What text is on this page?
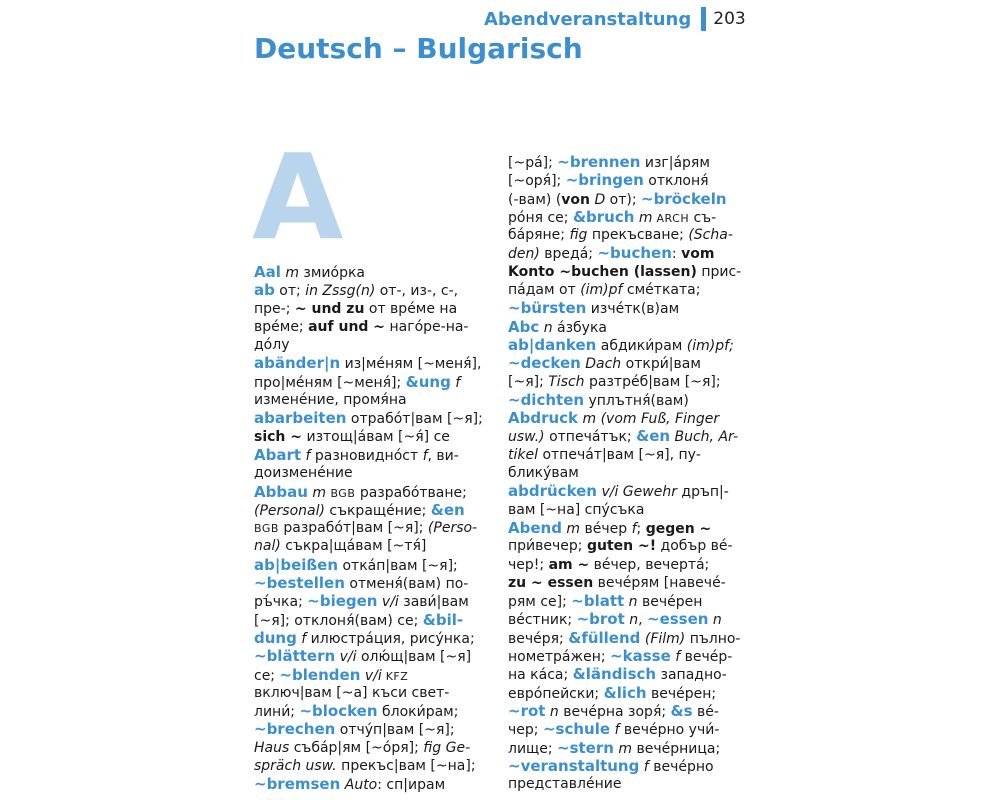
Abendveranstaltung 203
Deutsch – Bulgarisch
A
Aal m змиóрка
ab от; in Zssg(n) от-, из-, с-,
пре-; ~ und zu от врéме на
врéме; auf und ~ нагóре-на-
дóлу
abänder|n из|мéням [~меня́],
про|мéням [~меня́]; &ung f
изменéние, промя́на
abarbeiten отрабóт|вам [~я];
sich ~ изтощ|áвам [~я́] се
Abart f разновиднóст f, ви-
доизменéние
Abbau m BGB разрабóтване;
(Personal) съкращéние; &en
BGB разрабóт|вам [~я]; (Perso-
nal) съкра|щáвам [~тя́]
ab|beißen откáп|вам [~я];
~bestellen отменя́(вам) по-
ръ́чка; ~biegen v/i зави́|вам
[~я]; отклоня́(вам) се; &bil-
dung f илюстрáция, рисýнка;
~blättern v/i олю́щ|вам [~я]
се; ~blenden v/i KFZ
включ|вам [~а] къси свет-
лини́; ~blocken блоки́рам;
~brechen отчýп|вам [~я];
Haus събáр|ям [~óря]; fig Ge-
spräch usw. прекъс|вам [~на];
~bremsen Auto: сп|ирам
[~рá]; ~brennen изг|áрям
[~оря́]; ~bringen отклоня́
(-вам) (von D от); ~bröckeln
рóня се; &bruch m ARCH съ-
бáряне; fig прекъсване; (Scha-
den) вредá; ~buchen: vom
Konto ~buchen (lassen) прис-
пáдам от (im)pf смéтката;
~bürsten изчéтк(в)ам
Abc n áзбука
ab|danken абдики́рам (im)pf;
~decken Dach откри́|вам
[~я]; Tisch разтрéб|вам [~я];
~dichten уплътня́(вам)
Abdruck m (vom Fuß, Finger
usw.) отпечáтък; &en Buch, Ar-
tikel отпечáт|вам [~я], пу-
бликýвам
abdrücken v/i Gewehr дръп|-
вам [~на] спýсъка
Abend m вéчер f; gegen ~
при́вечер; guten ~! добър вé-
чер!; am ~ вéчер, вечертá;
zu ~ essen вечéрям [навечé-
рям се]; ~blatt n вечéрен
вéстник; ~brot n, ~essen n
вечéря; &füllend (Film) пълно-
нометрáжен; ~kasse f вечéр-
на кáса; &ländisch западно-
еврóпейски; &lich вечéрен;
~rot n вечéрна зоря́; &s вé-
чер; ~schule f вечéрно учи́-
лище; ~stern m вечéрница;
~veranstaltung f вечéрно
представлéние
